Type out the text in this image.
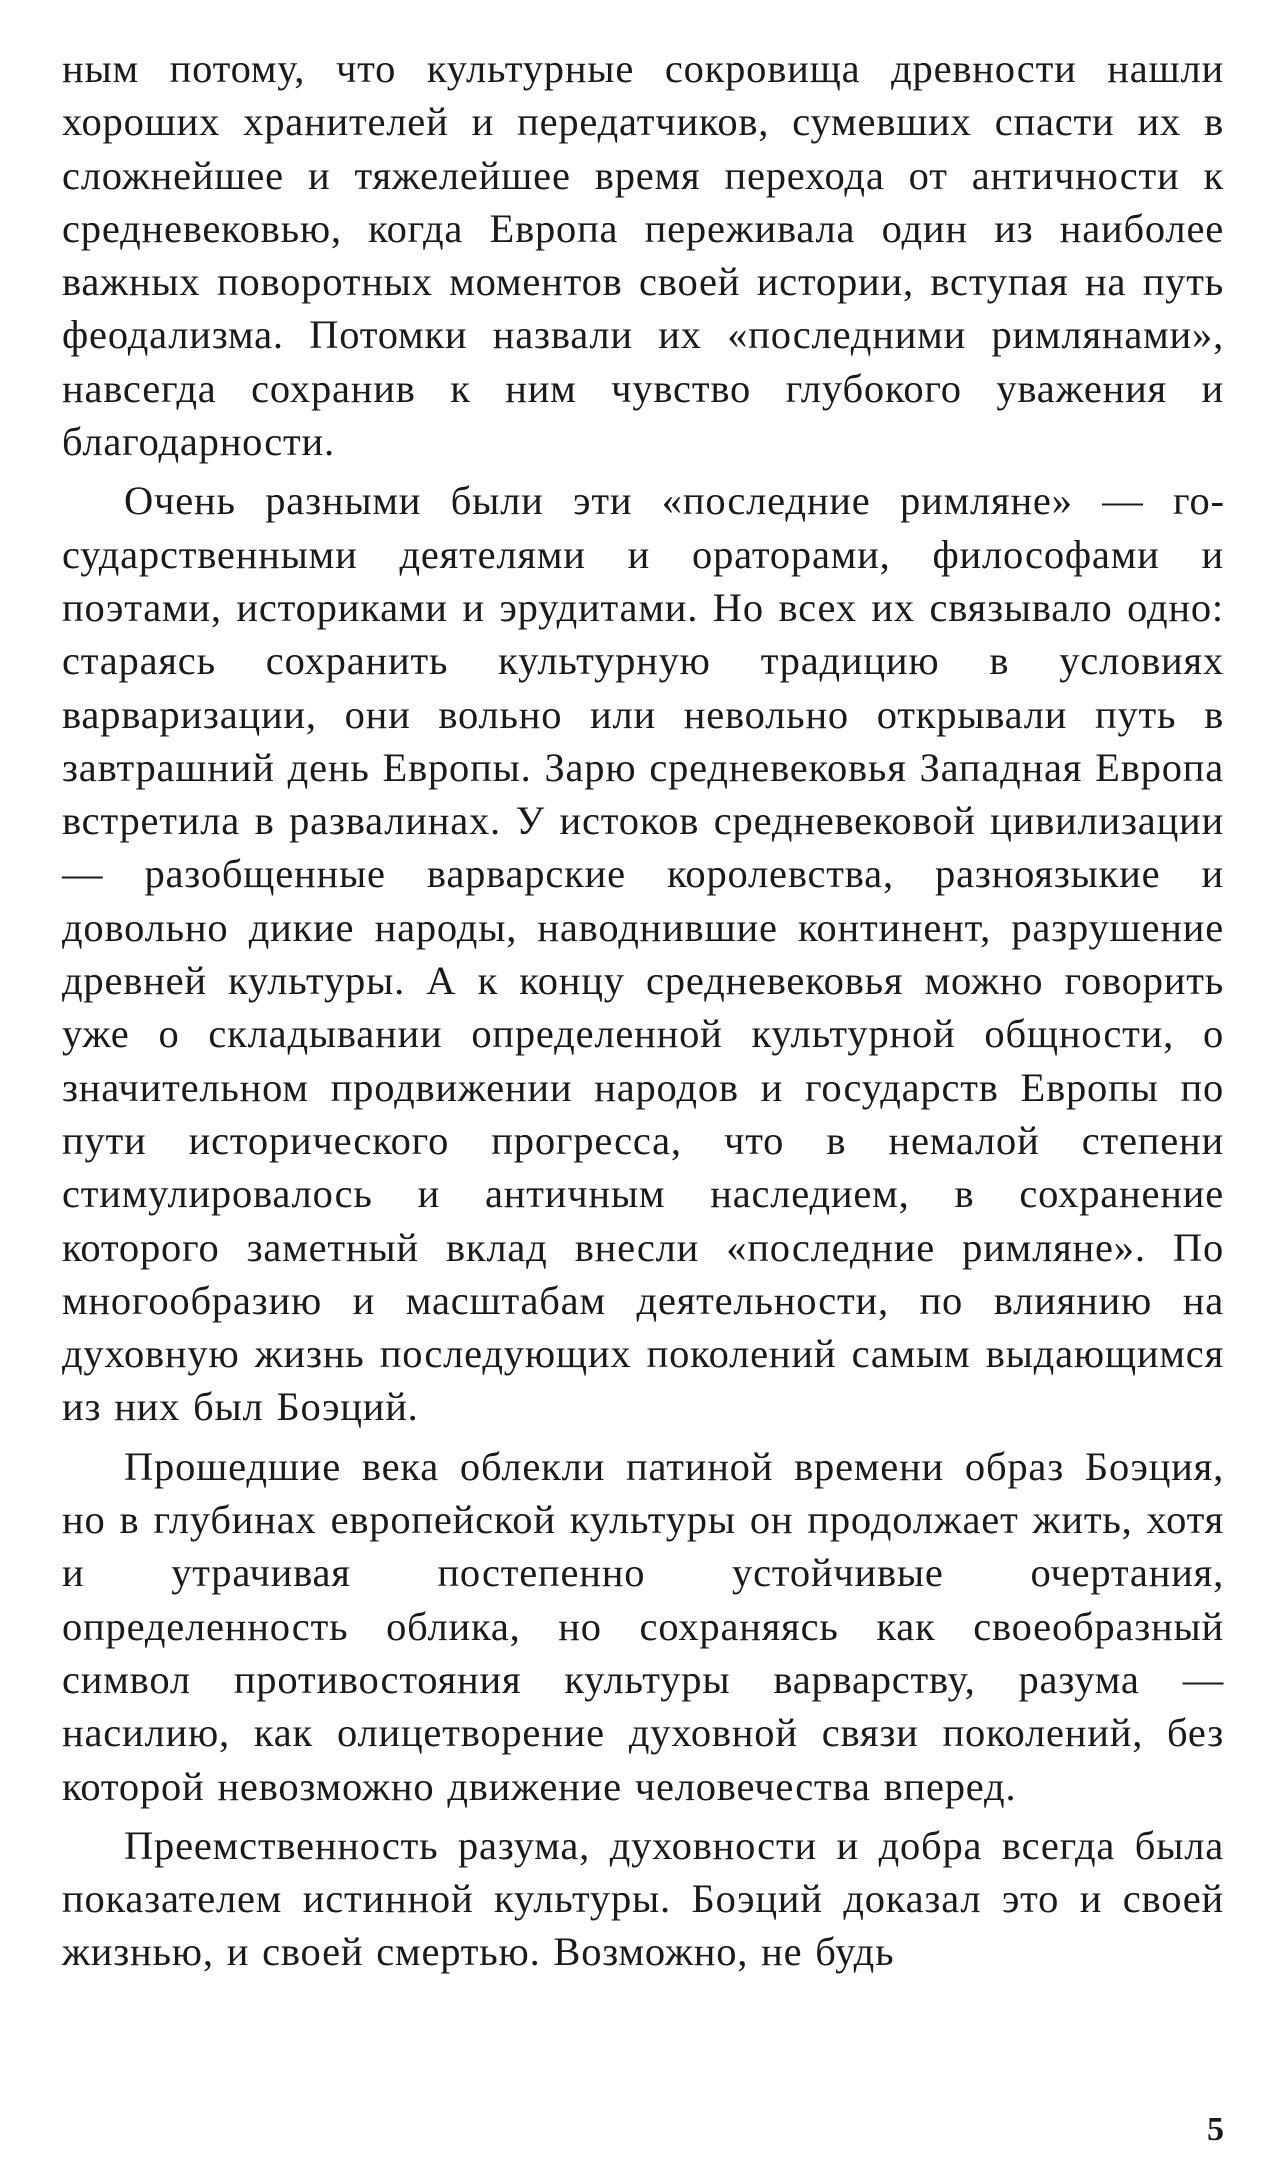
ным потому, что культурные сокровища древности нашли хороших хранителей и передатчиков, сумевших спасти их в сложнейшее и тяжелейшее время перехода от античности к средневековью, когда Европа переживала один из наиболее важных поворотных моментов своей истории, вступая на путь феодализма. Потомки назвали их «последними римлянами», навсегда сохранив к ним чувство глубокого уважения и благодарности.

Очень разными были эти «последние римляне» — государственными деятелями и ораторами, философами и поэтами, историками и эрудитами. Но всех их связывало одно: стараясь сохранить культурную традицию в условиях варваризации, они вольно или невольно открывали путь в завтрашний день Европы. Зарю средневековья Западная Европа встретила в развалинах. У истоков средневековой цивилизации — разобщенные варварские королевства, разноязыкие и довольно дикие народы, наводнившие континент, разрушение древней культуры. А к концу средневековья можно говорить уже о складывании определенной культурной общности, о значительном продвижении народов и государств Европы по пути исторического прогресса, что в немалой степени стимулировалось и античным наследием, в сохранение которого заметный вклад внесли «последние римляне». По многообразию и масштабам деятельности, по влиянию на духовную жизнь последующих поколений самым выдающимся из них был Боэций.

Прошедшие века облекли патиной времени образ Боэция, но в глубинах европейской культуры он продолжает жить, хотя и утрачивая постепенно устойчивые очертания, определенность облика, но сохраняясь как своеобразный символ противостояния культуры варварству, разума — насилию, как олицетворение духовной связи поколений, без которой невозможно движение человечества вперед.

Преемственность разума, духовности и добра всегда была показателем истинной культуры. Боэций доказал это и своей жизнью, и своей смертью. Возможно, не будь

5
